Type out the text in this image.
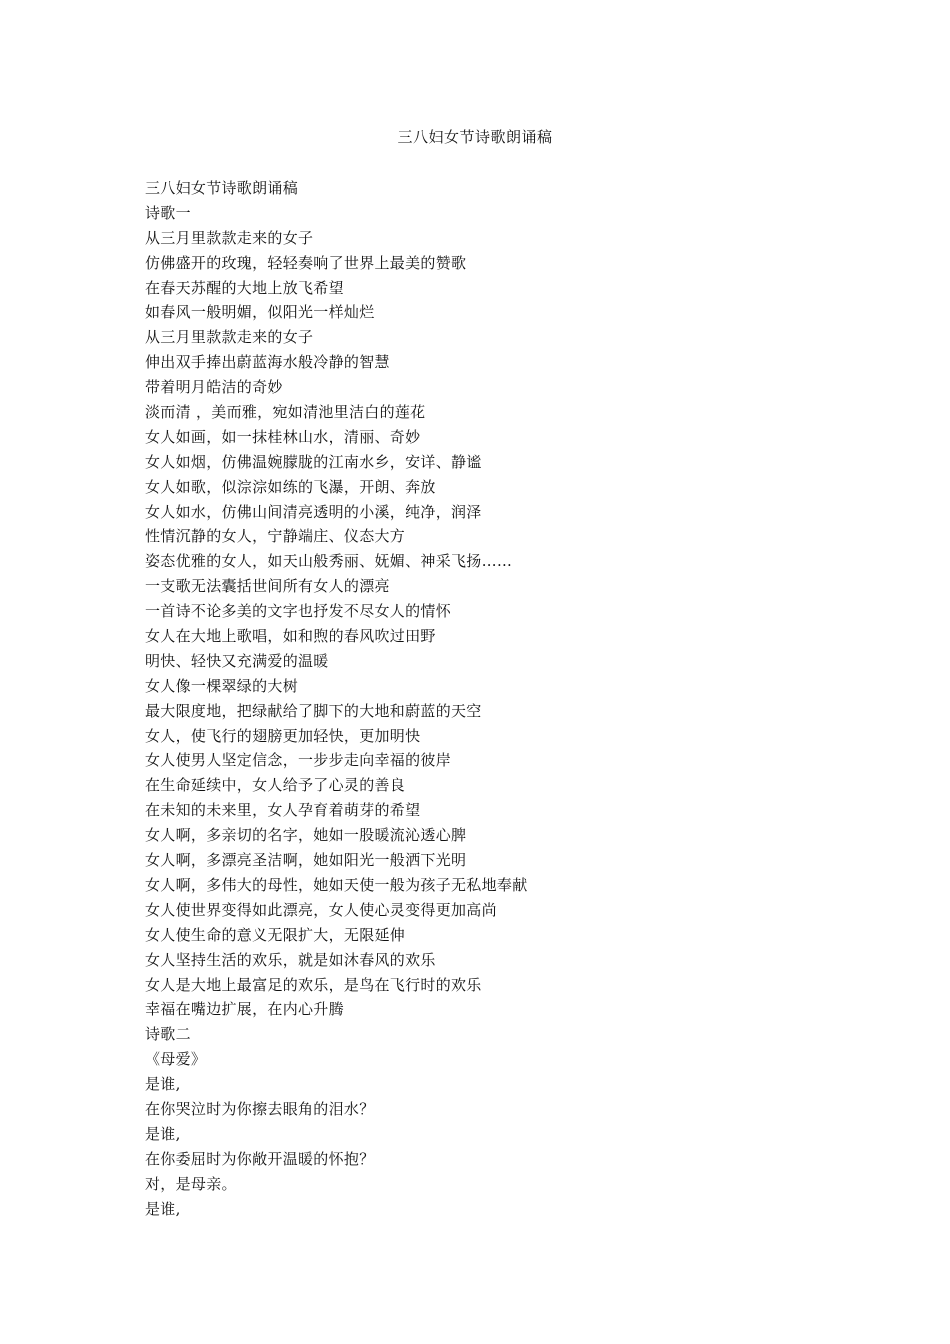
三八妇女节诗歌朗诵稿
三八妇女节诗歌朗诵稿
诗歌一
从三月里款款走来的女子
仿佛盛开的玫瑰，轻轻奏响了世界上最美的赞歌
在春天苏醒的大地上放飞希望
如春风一般明媚，似阳光一样灿烂
从三月里款款走来的女子
伸出双手捧出蔚蓝海水般冷静的智慧
带着明月皓洁的奇妙
淡而清 ，美而雅，宛如清池里洁白的莲花
女人如画，如一抹桂林山水，清丽、奇妙
女人如烟，仿佛温婉朦胧的江南水乡，安详、静谧
女人如歌，似淙淙如练的飞瀑，开朗、奔放
女人如水，仿佛山间清亮透明的小溪，纯净，润泽
性情沉静的女人，宁静端庄、仪态大方
姿态优雅的女人，如天山般秀丽、妩媚、神采飞扬……
一支歌无法囊括世间所有女人的漂亮
一首诗不论多美的文字也抒发不尽女人的情怀
女人在大地上歌唱，如和煦的春风吹过田野
明快、轻快又充满爱的温暖
女人像一棵翠绿的大树
最大限度地，把绿献给了脚下的大地和蔚蓝的天空
女人，使飞行的翅膀更加轻快，更加明快
女人使男人坚定信念，一步步走向幸福的彼岸
在生命延续中，女人给予了心灵的善良
在未知的未来里，女人孕育着萌芽的希望
女人啊，多亲切的名字，她如一股暖流沁透心脾
女人啊，多漂亮圣洁啊，她如阳光一般洒下光明
女人啊，多伟大的母性，她如天使一般为孩子无私地奉献
女人使世界变得如此漂亮，女人使心灵变得更加高尚
女人使生命的意义无限扩大，无限延伸
女人坚持生活的欢乐，就是如沐春风的欢乐
女人是大地上最富足的欢乐，是鸟在飞行时的欢乐
幸福在嘴边扩展，在内心升腾
诗歌二
《母爱》
是谁,
在你哭泣时为你擦去眼角的泪水？
是谁,
在你委屈时为你敞开温暖的怀抱？
对，是母亲。
是谁,
